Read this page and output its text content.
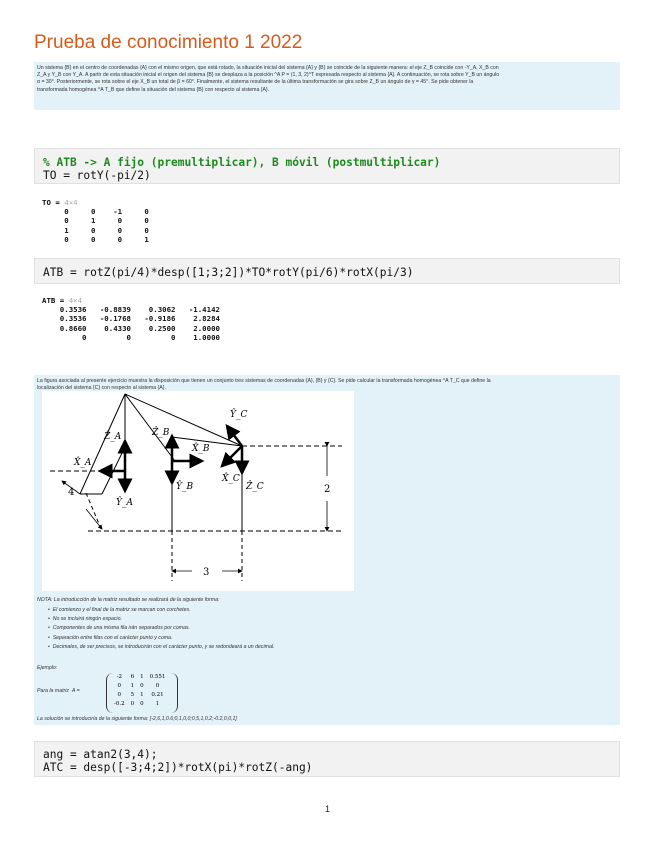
Prueba de conocimiento 1 2022
Un sistema {B} en el centro de coordenadas {A} con el mismo origen, que está rotado, la situación inicial del sistema {A} y {B} se coincide de la siguiente manera: el eje Z_B coincide con -Y_A, X_B con
Z_A y Y_B con Y_A. A partir de esta situación inicial el origen del sistema {B} se desplaza a la posición ^A P = (1, 3, 2)^T expresada respecto al sistema {A}. A continuación, se rota sobre Y_B un ángulo
α = 30°. Posteriormente, se rota sobre el eje X_B un total de β = 60°. Finalmente, el sistema resultante de la última transformación se gira sobre Z_B un ángulo de γ = 45°. Se pide obtener la
transformada homogénea ^A T_B que define la situación del sistema {B} con respecto al sistema {A}.
% ATB -> A fijo (premultiplicar), B móvil (postmultiplicar)
TO = rotY(-pi/2)
TO = 4×4
0     0    -1     0
0     1     0     0
1     0     0     0
0     0     0     1
ATB = rotZ(pi/4)*desp([1;3;2])*TO*rotY(pi/6)*rotX(pi/3)
ATB = 4×4
0.3536   -0.8839    0.3062   -1.4142
0.3536   -0.1768   -0.9186    2.8284
0.8660    0.4330    0.2500    2.0000
0         0         0    1.0000
La figura asociada al presente ejercicio muestra la disposición que tienen un conjunto tres sistemas de coordenadas {A}, {B} y {C}. Se pide calcular la transformada homogénea ^A T_C que define la
localización del sistema {C} con respecto al sistema {A}.
Ŷ_C
Ẑ_A	Ẑ_B
X̂_B
X̂_A
Ŷ_B
X̂_C
Ẑ_C
Ŷ_A
4	2
3
NOTA: La introducción de la matriz resultado se realizará de la siguiente forma:
•  El comienzo y el final de la matriz se marcan con corchetes.
•  No se incluirá ningún espacio.
•  Componentes de una misma fila irán separados por comas.
•  Separación entre filas con el carácter punto y coma.
•  Decimales, de ser precisos, se introducirán con el carácter punto, y se redondeará a un decimal.
Ejemplo:
Para la matriz  A =
-2	6	1	0.551
0	1	0	0
0	5	1	0.21
-0.2	0	0	1
La solución se introduciría de la siguiente forma: [-2,6,1,0.6;0,1,0,0;0,5,1,0.2;-0.2,0,0,1]
ang = atan2(3,4);
ATC = desp([-3;4;2])*rotX(pi)*rotZ(-ang)
1
